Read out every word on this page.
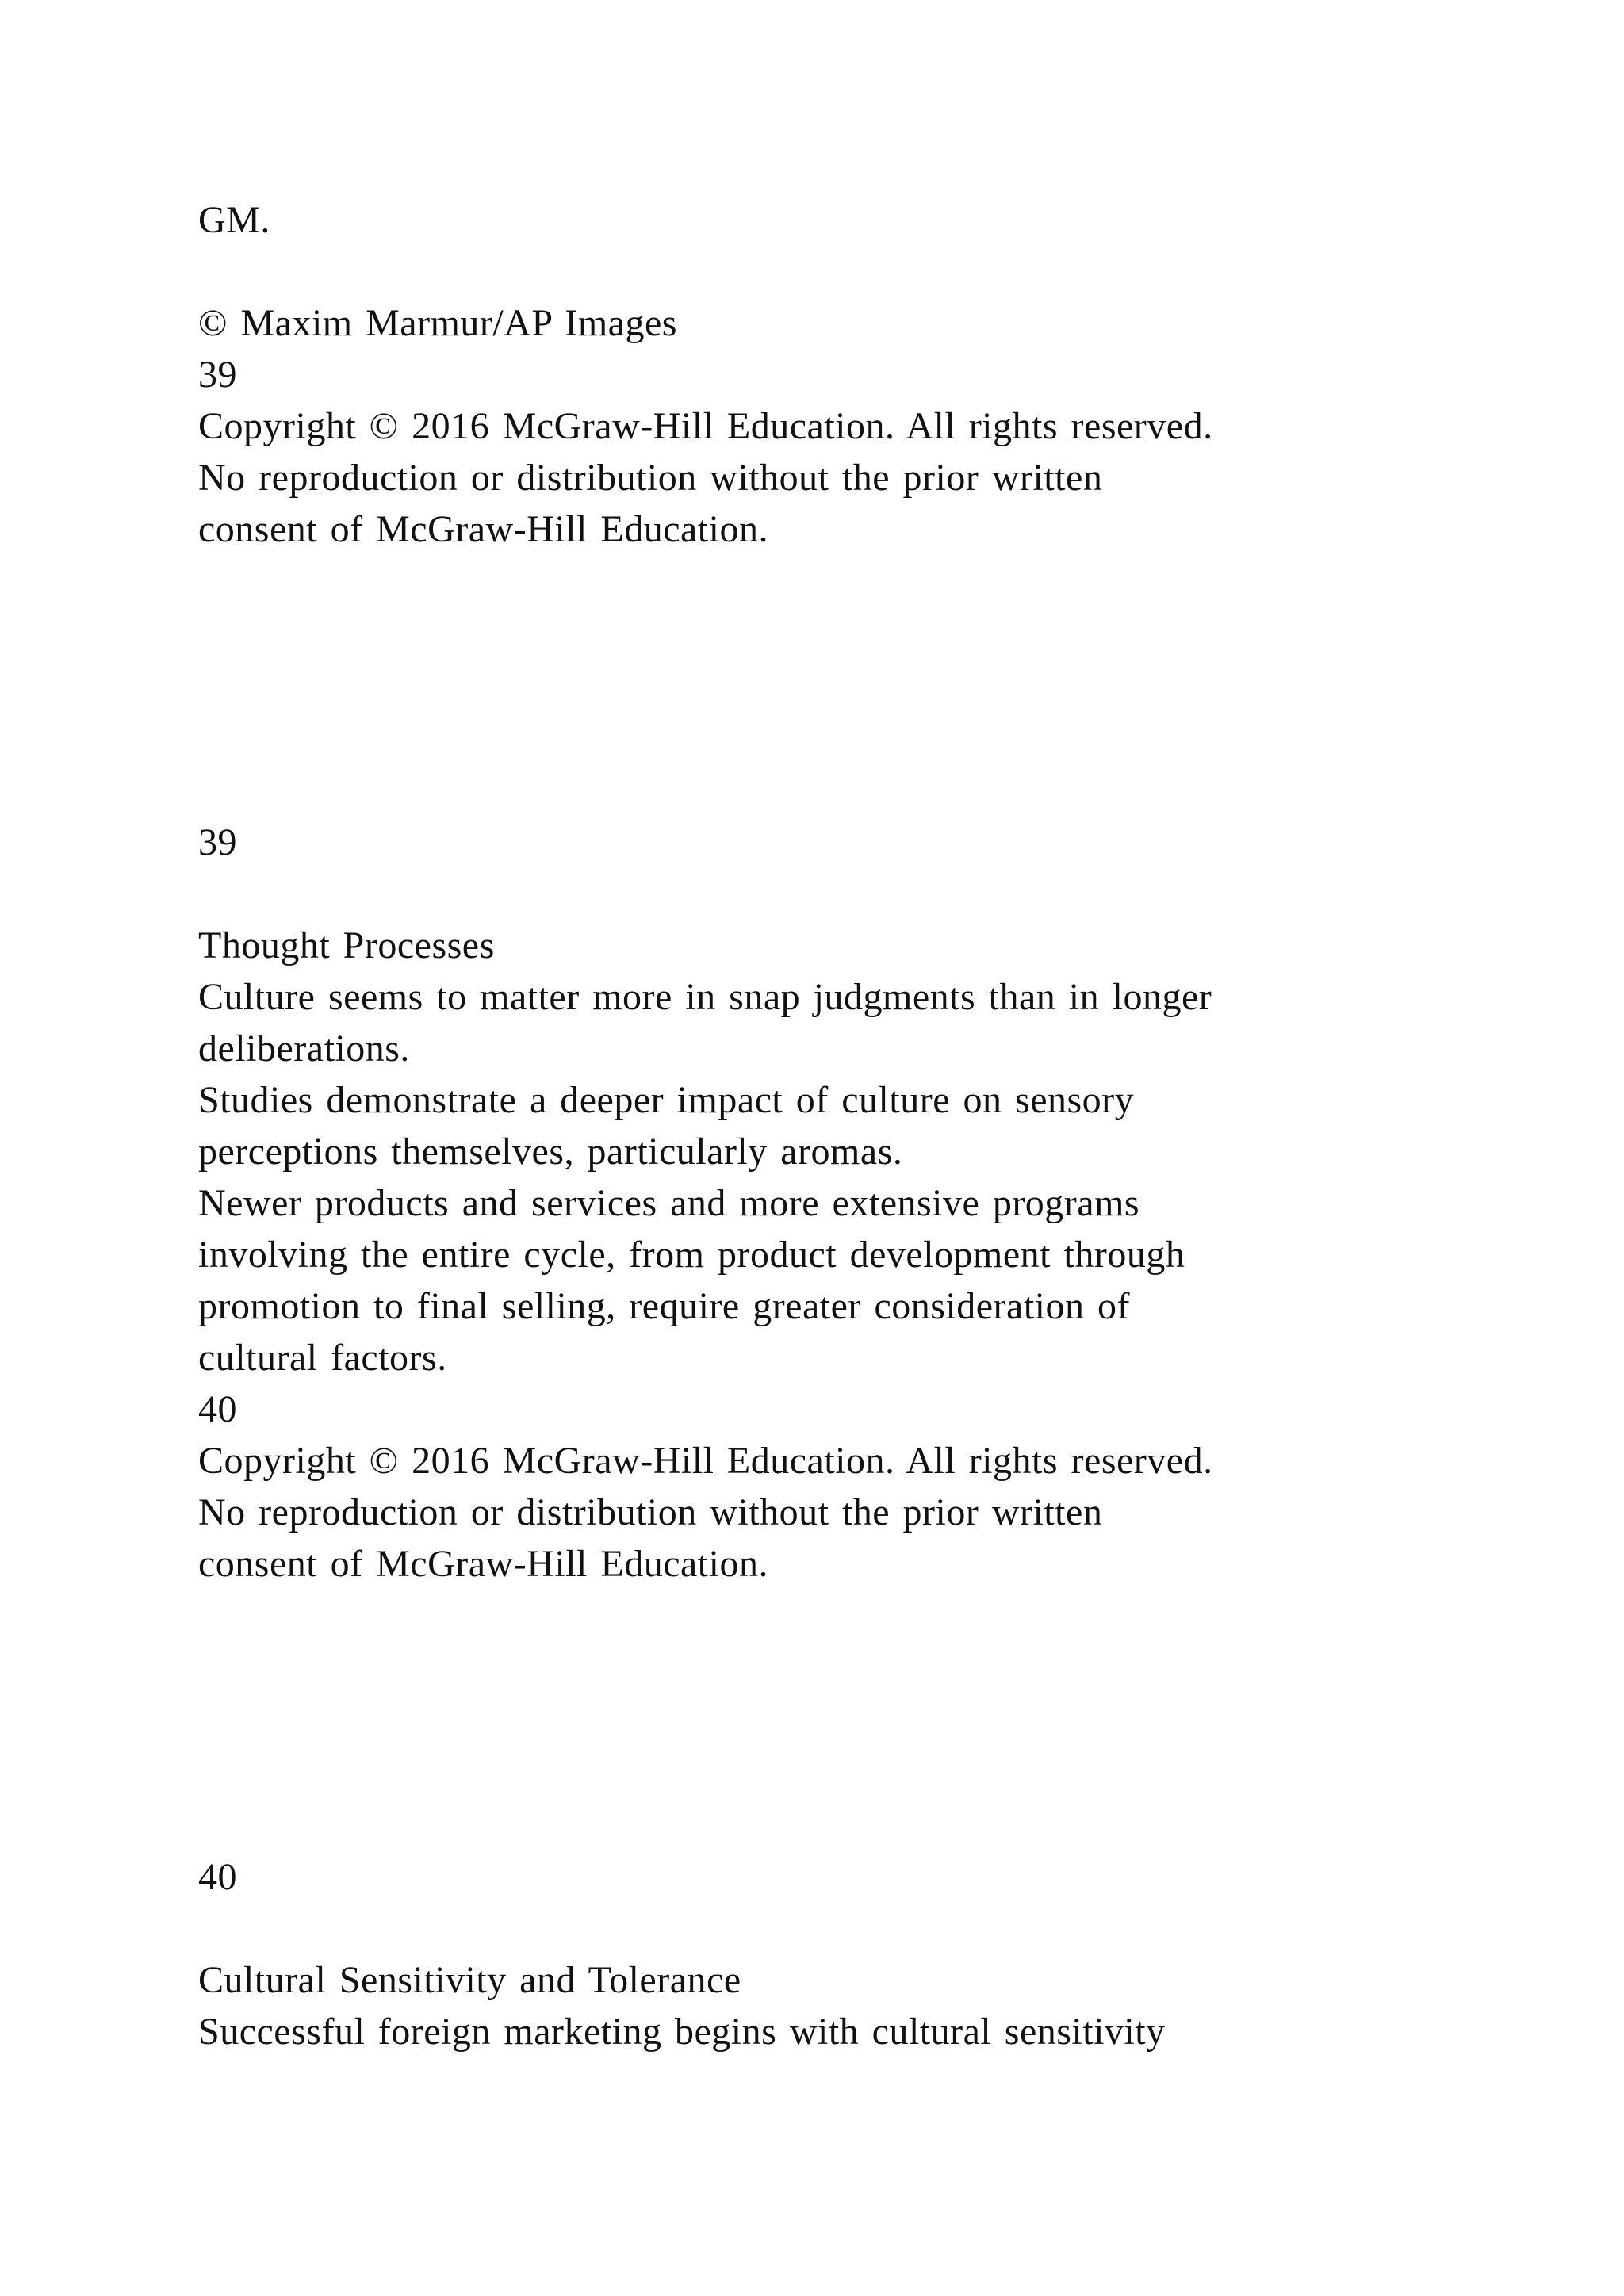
GM.
© Maxim Marmur/AP Images
39
Copyright © 2016 McGraw-Hill Education. All rights reserved.
No reproduction or distribution without the prior written
consent of McGraw-Hill Education.
39
Thought Processes
Culture seems to matter more in snap judgments than in longer
deliberations.
Studies demonstrate a deeper impact of culture on sensory
perceptions themselves, particularly aromas.
Newer products and services and more extensive programs
involving the entire cycle, from product development through
promotion to final selling, require greater consideration of
cultural factors.
40
Copyright © 2016 McGraw-Hill Education. All rights reserved.
No reproduction or distribution without the prior written
consent of McGraw-Hill Education.
40
Cultural Sensitivity and Tolerance
Successful foreign marketing begins with cultural sensitivity
